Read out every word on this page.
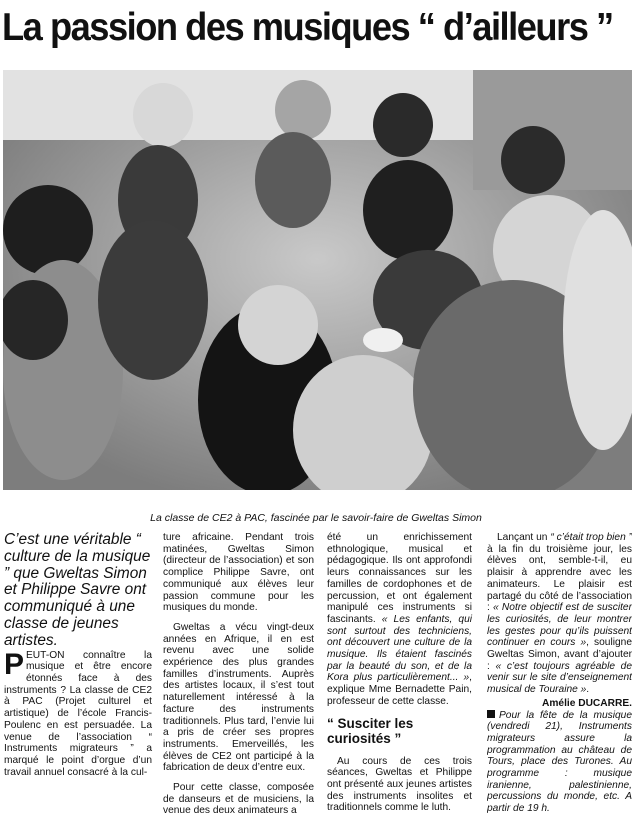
La passion des musiques “ d’ailleurs ”
La classe de CE2 à PAC, fascinée par le savoir-faire de Gweltas Simon

C’est une véritable “ culture de la musique ” que Gweltas Simon et Philippe Savre ont communiqué à une classe de jeunes artistes.

PEUT-ON connaître la musique et être encore étonnés face à des instruments ? La classe de CE2 à PAC (Projet culturel et artistique) de l’école Francis-Poulenc en est persuadée. La venue de l’association “ Instruments migrateurs ” a marqué le point d’orgue d’un travail annuel consacré à la cul-

ture africaine. Pendant trois matinées, Gweltas Simon (directeur de l’association) et son complice Philippe Savre, ont communiqué aux élèves leur passion commune pour les musiques du monde.

Gweltas a vécu vingt-deux années en Afrique, il en est revenu avec une solide expérience des plus grandes familles d’instruments. Auprès des artistes locaux, il s’est tout naturellement intéressé à la facture des instruments traditionnels. Plus tard, l’envie lui a pris de créer ses propres instruments. Emerveillés, les élèves de CE2 ont participé à la fabrication de deux d’entre eux.

Pour cette classe, composée de danseurs et de musiciens, la venue des deux animateurs a

été un enrichissement ethnologique, musical et pédagogique. Ils ont approfondi leurs connaissances sur les familles de cordophones et de percussion, et ont également manipulé ces instruments si fascinants. « Les enfants, qui sont surtout des techniciens, ont découvert une culture de la musique. Ils étaient fascinés par la beauté du son, et de la Kora plus particulièrement... », explique Mme Bernadette Pain, professeur de cette classe.

“ Susciter les curiosités ”

Au cours de ces trois séances, Gweltas et Philippe ont présenté aux jeunes artistes des instruments insolites et traditionnels comme le luth.

Lançant un “ c’était trop bien ” à la fin du troisième jour, les élèves ont, semble-t-il, eu plaisir à apprendre avec les animateurs. Le plaisir est partagé du côté de l’association : « Notre objectif est de susciter les curiosités, de leur montrer les gestes pour qu’ils puissent continuer en cours », souligne Gweltas Simon, avant d’ajouter : « c’est toujours agréable de venir sur le site d’enseignement musical de Touraine ».

Amélie DUCARRE.

Pour la fête de la musique (vendredi 21), Instruments migrateurs assure la programmation au château de Tours, place des Turones. Au programme : musique iranienne, palestinienne, percussions du monde, etc. A partir de 19 h.
